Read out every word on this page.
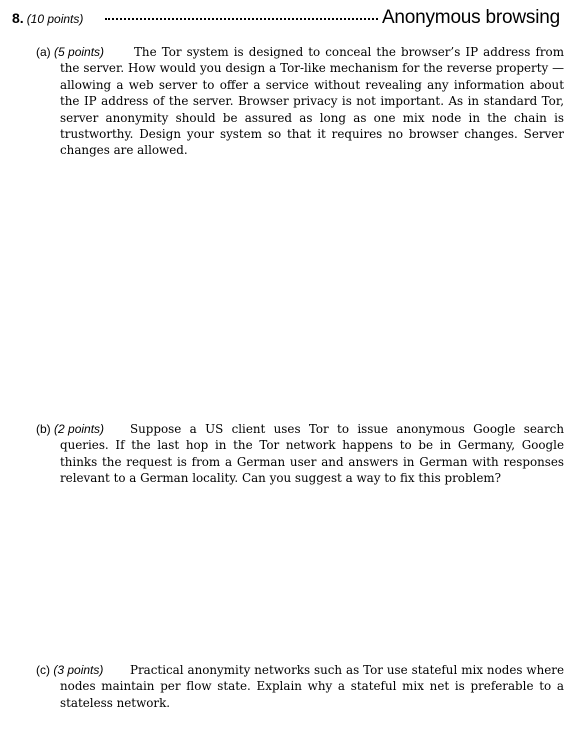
8. (10 points)	Anonymous browsing
(a) (5 points)	The Tor system is designed to conceal the browser’s IP address from the server. How would you design a Tor-like mechanism for the reverse property — allowing a web server to offer a service without revealing any information about the IP address of the server. Browser privacy is not important. As in standard Tor, server anonymity should be assured as long as one mix node in the chain is trustworthy. Design your system so that it requires no browser changes. Server changes are allowed.
(b) (2 points)	Suppose a US client uses Tor to issue anonymous Google search queries. If the last hop in the Tor network happens to be in Germany, Google thinks the request is from a German user and answers in German with responses relevant to a German locality. Can you suggest a way to fix this problem?
(c) (3 points)	Practical anonymity networks such as Tor use stateful mix nodes where nodes maintain per flow state. Explain why a stateful mix net is preferable to a stateless network.
